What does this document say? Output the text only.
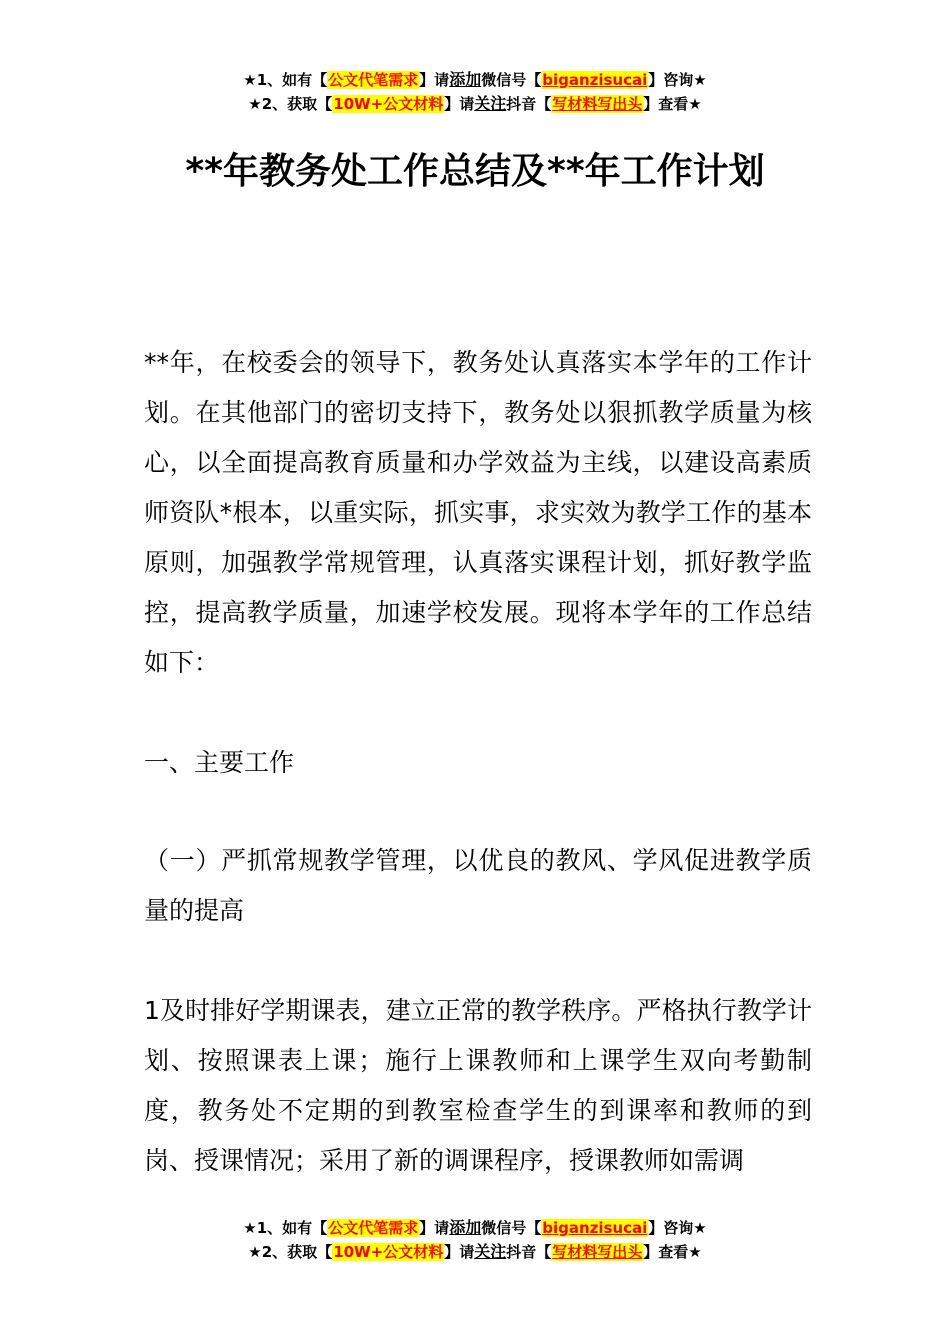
★1、如有【公文代笔需求】请添加微信号【biganzisucai】咨询★
★2、获取【10W+公文材料】请关注抖音【写材料写出头】查看★
**年教务处工作总结及**年工作计划

**年，在校委会的领导下，教务处认真落实本学年的工作计划。在其他部门的密切支持下，教务处以狠抓教学质量为核心，以全面提高教育质量和办学效益为主线，以建设高素质师资队*根本，以重实际，抓实事，求实效为教学工作的基本原则，加强教学常规管理，认真落实课程计划，抓好教学监控，提高教学质量，加速学校发展。现将本学年的工作总结如下：

一、主要工作

（一）严抓常规教学管理，以优良的教风、学风促进教学质量的提高

1及时排好学期课表，建立正常的教学秩序。严格执行教学计划、按照课表上课；施行上课教师和上课学生双向考勤制度，教务处不定期的到教室检查学生的到课率和教师的到岗、授课情况；采用了新的调课程序，授课教师如需调

★1、如有【公文代笔需求】请添加微信号【biganzisucai】咨询★
★2、获取【10W+公文材料】请关注抖音【写材料写出头】查看★
